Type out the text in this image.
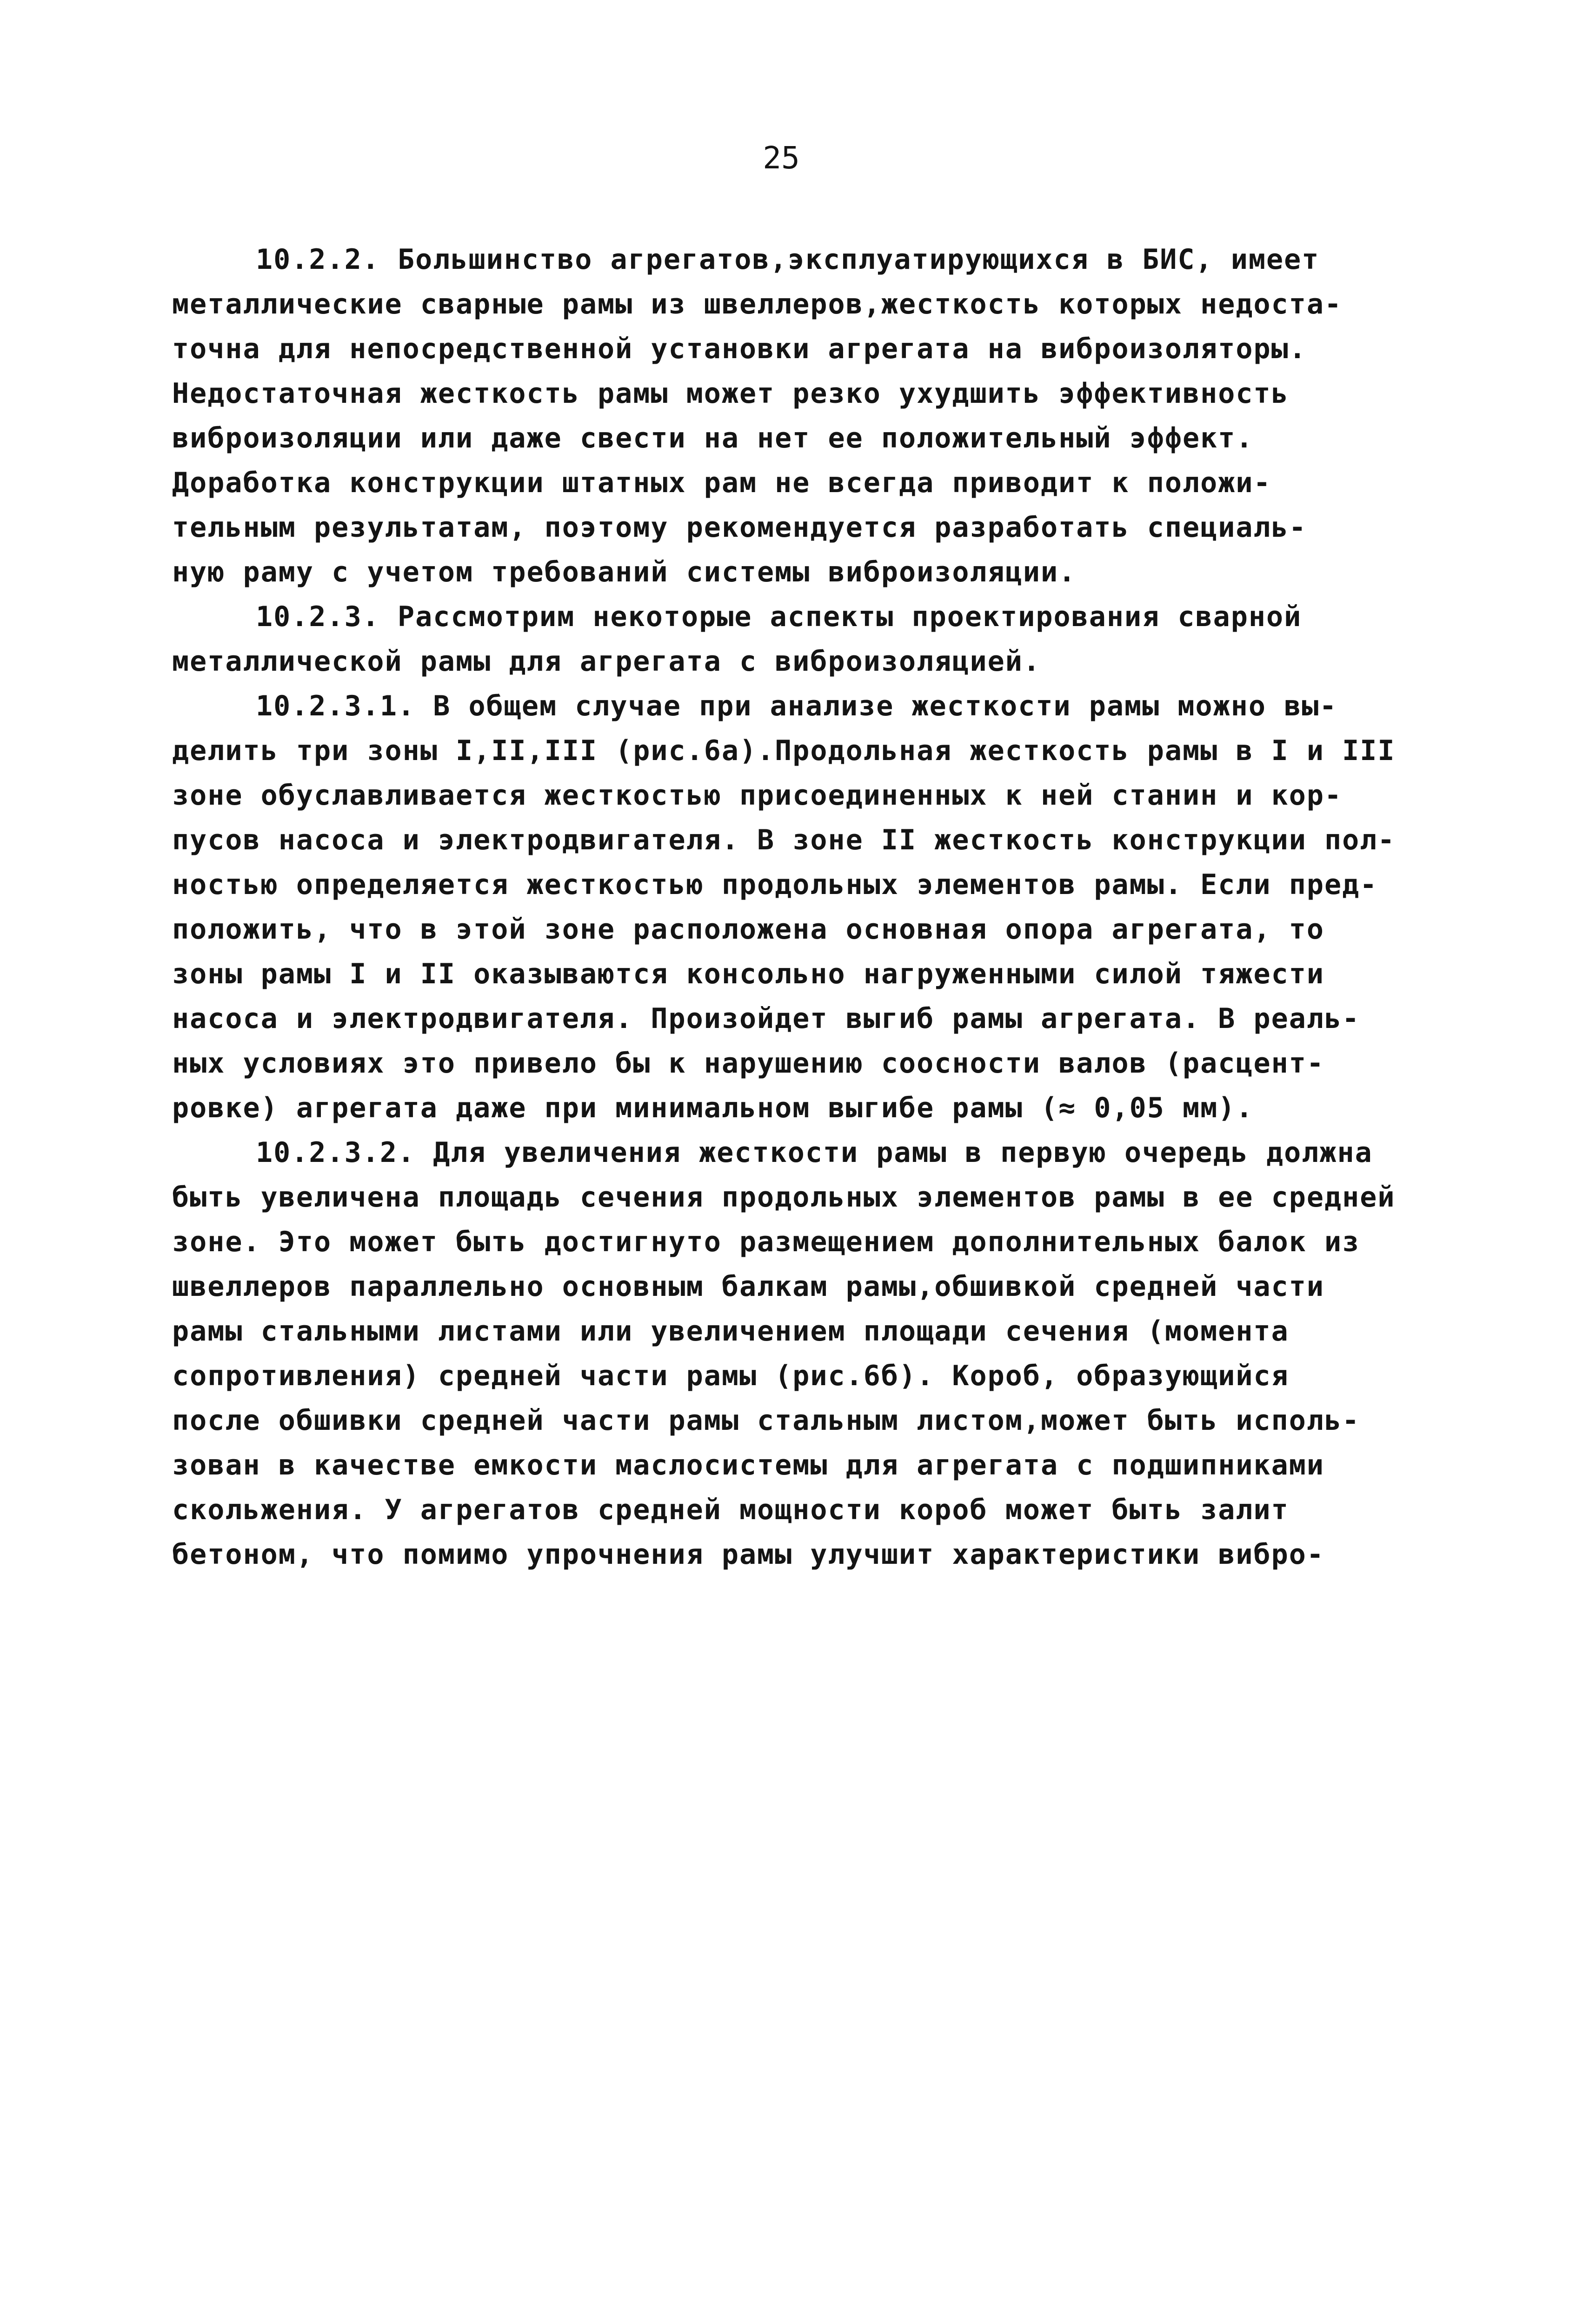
25
10.2.2. Большинство агрегатов,эксплуатирующихся в БИС, имеет
металлические сварные рамы из швеллеров,жесткость которых недоста-
точна для непосредственной установки агрегата на виброизоляторы.
Недостаточная жесткость рамы может резко ухудшить эффективность
виброизоляции или даже свести на нет ее положительный эффект.
Доработка конструкции штатных рам не всегда приводит к положи-
тельным результатам, поэтому рекомендуется разработать специаль-
ную раму с учетом требований системы виброизоляции.
10.2.3. Рассмотрим некоторые аспекты проектирования сварной
металлической рамы для агрегата с виброизоляцией.
10.2.3.1. В общем случае при анализе жесткости рамы можно вы-
делить три зоны I,II,III (рис.6а).Продольная жесткость рамы в I и III
зоне обуславливается жесткостью присоединенных к ней станин и кор-
пусов насоса и электродвигателя. В зоне II жесткость конструкции пол-
ностью определяется жесткостью продольных элементов рамы. Если пред-
положить, что в этой зоне расположена основная опора агрегата, то
зоны рамы I и II оказываются консольно нагруженными силой тяжести
насоса и электродвигателя. Произойдет выгиб рамы агрегата. В реаль-
ных условиях это привело бы к нарушению соосности валов (расцент-
ровке) агрегата даже при минимальном выгибе рамы (≈ 0,05 мм).
10.2.3.2. Для увеличения жесткости рамы в первую очередь должна
быть увеличена площадь сечения продольных элементов рамы в ее средней
зоне. Это может быть достигнуто размещением дополнительных балок из
швеллеров параллельно основным балкам рамы,обшивкой средней части
рамы стальными листами или увеличением площади сечения (момента
сопротивления) средней части рамы (рис.6б). Короб, образующийся
после обшивки средней части рамы стальным листом,может быть исполь-
зован в качестве емкости маслосистемы для агрегата с подшипниками
скольжения. У агрегатов средней мощности короб может быть залит
бетоном, что помимо упрочнения рамы улучшит характеристики вибро-
